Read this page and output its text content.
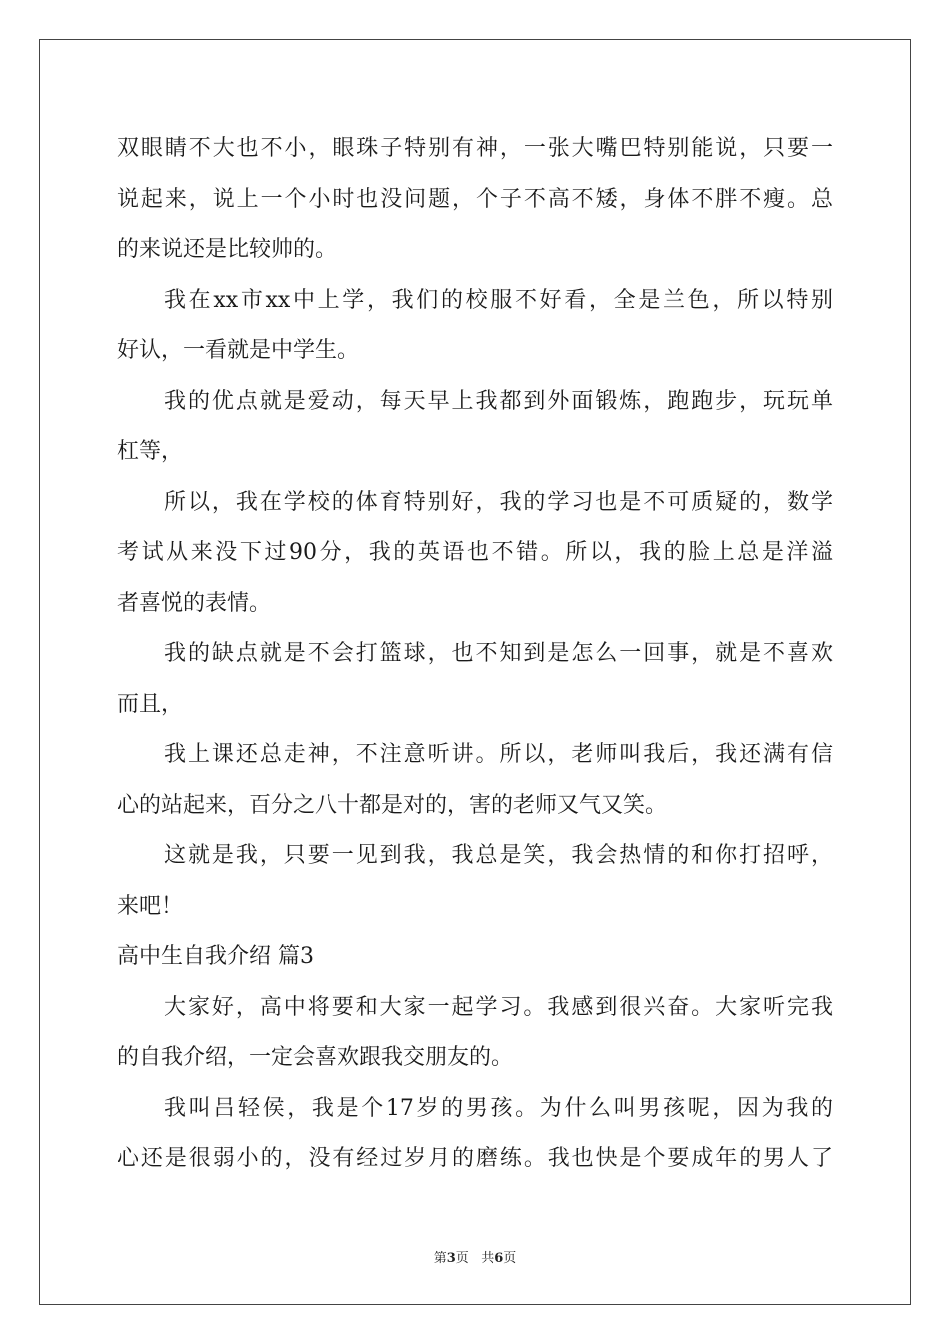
双眼睛不大也不小，眼珠子特别有神，一张大嘴巴特别能说，只要一
说起来，说上一个小时也没问题，个子不高不矮，身体不胖不瘦。总
的来说还是比较帅的。
我在xx市xx中上学，我们的校服不好看，全是兰色，所以特别
好认，一看就是中学生。
我的优点就是爱动，每天早上我都到外面锻炼，跑跑步，玩玩单
杠等，
所以，我在学校的体育特别好，我的学习也是不可质疑的，数学
考试从来没下过90分，我的英语也不错。所以，我的脸上总是洋溢
者喜悦的表情。
我的缺点就是不会打篮球，也不知到是怎么一回事，就是不喜欢
而且，
我上课还总走神，不注意听讲。所以，老师叫我后，我还满有信
心的站起来，百分之八十都是对的，害的老师又气又笑。
这就是我，只要一见到我，我总是笑，我会热情的和你打招呼，
来吧！
高中生自我介绍 篇3
大家好，高中将要和大家一起学习。我感到很兴奋。大家听完我
的自我介绍，一定会喜欢跟我交朋友的。
我叫吕轻侯，我是个17岁的男孩。为什么叫男孩呢，因为我的
心还是很弱小的，没有经过岁月的磨练。我也快是个要成年的男人了
第3页 共6页
